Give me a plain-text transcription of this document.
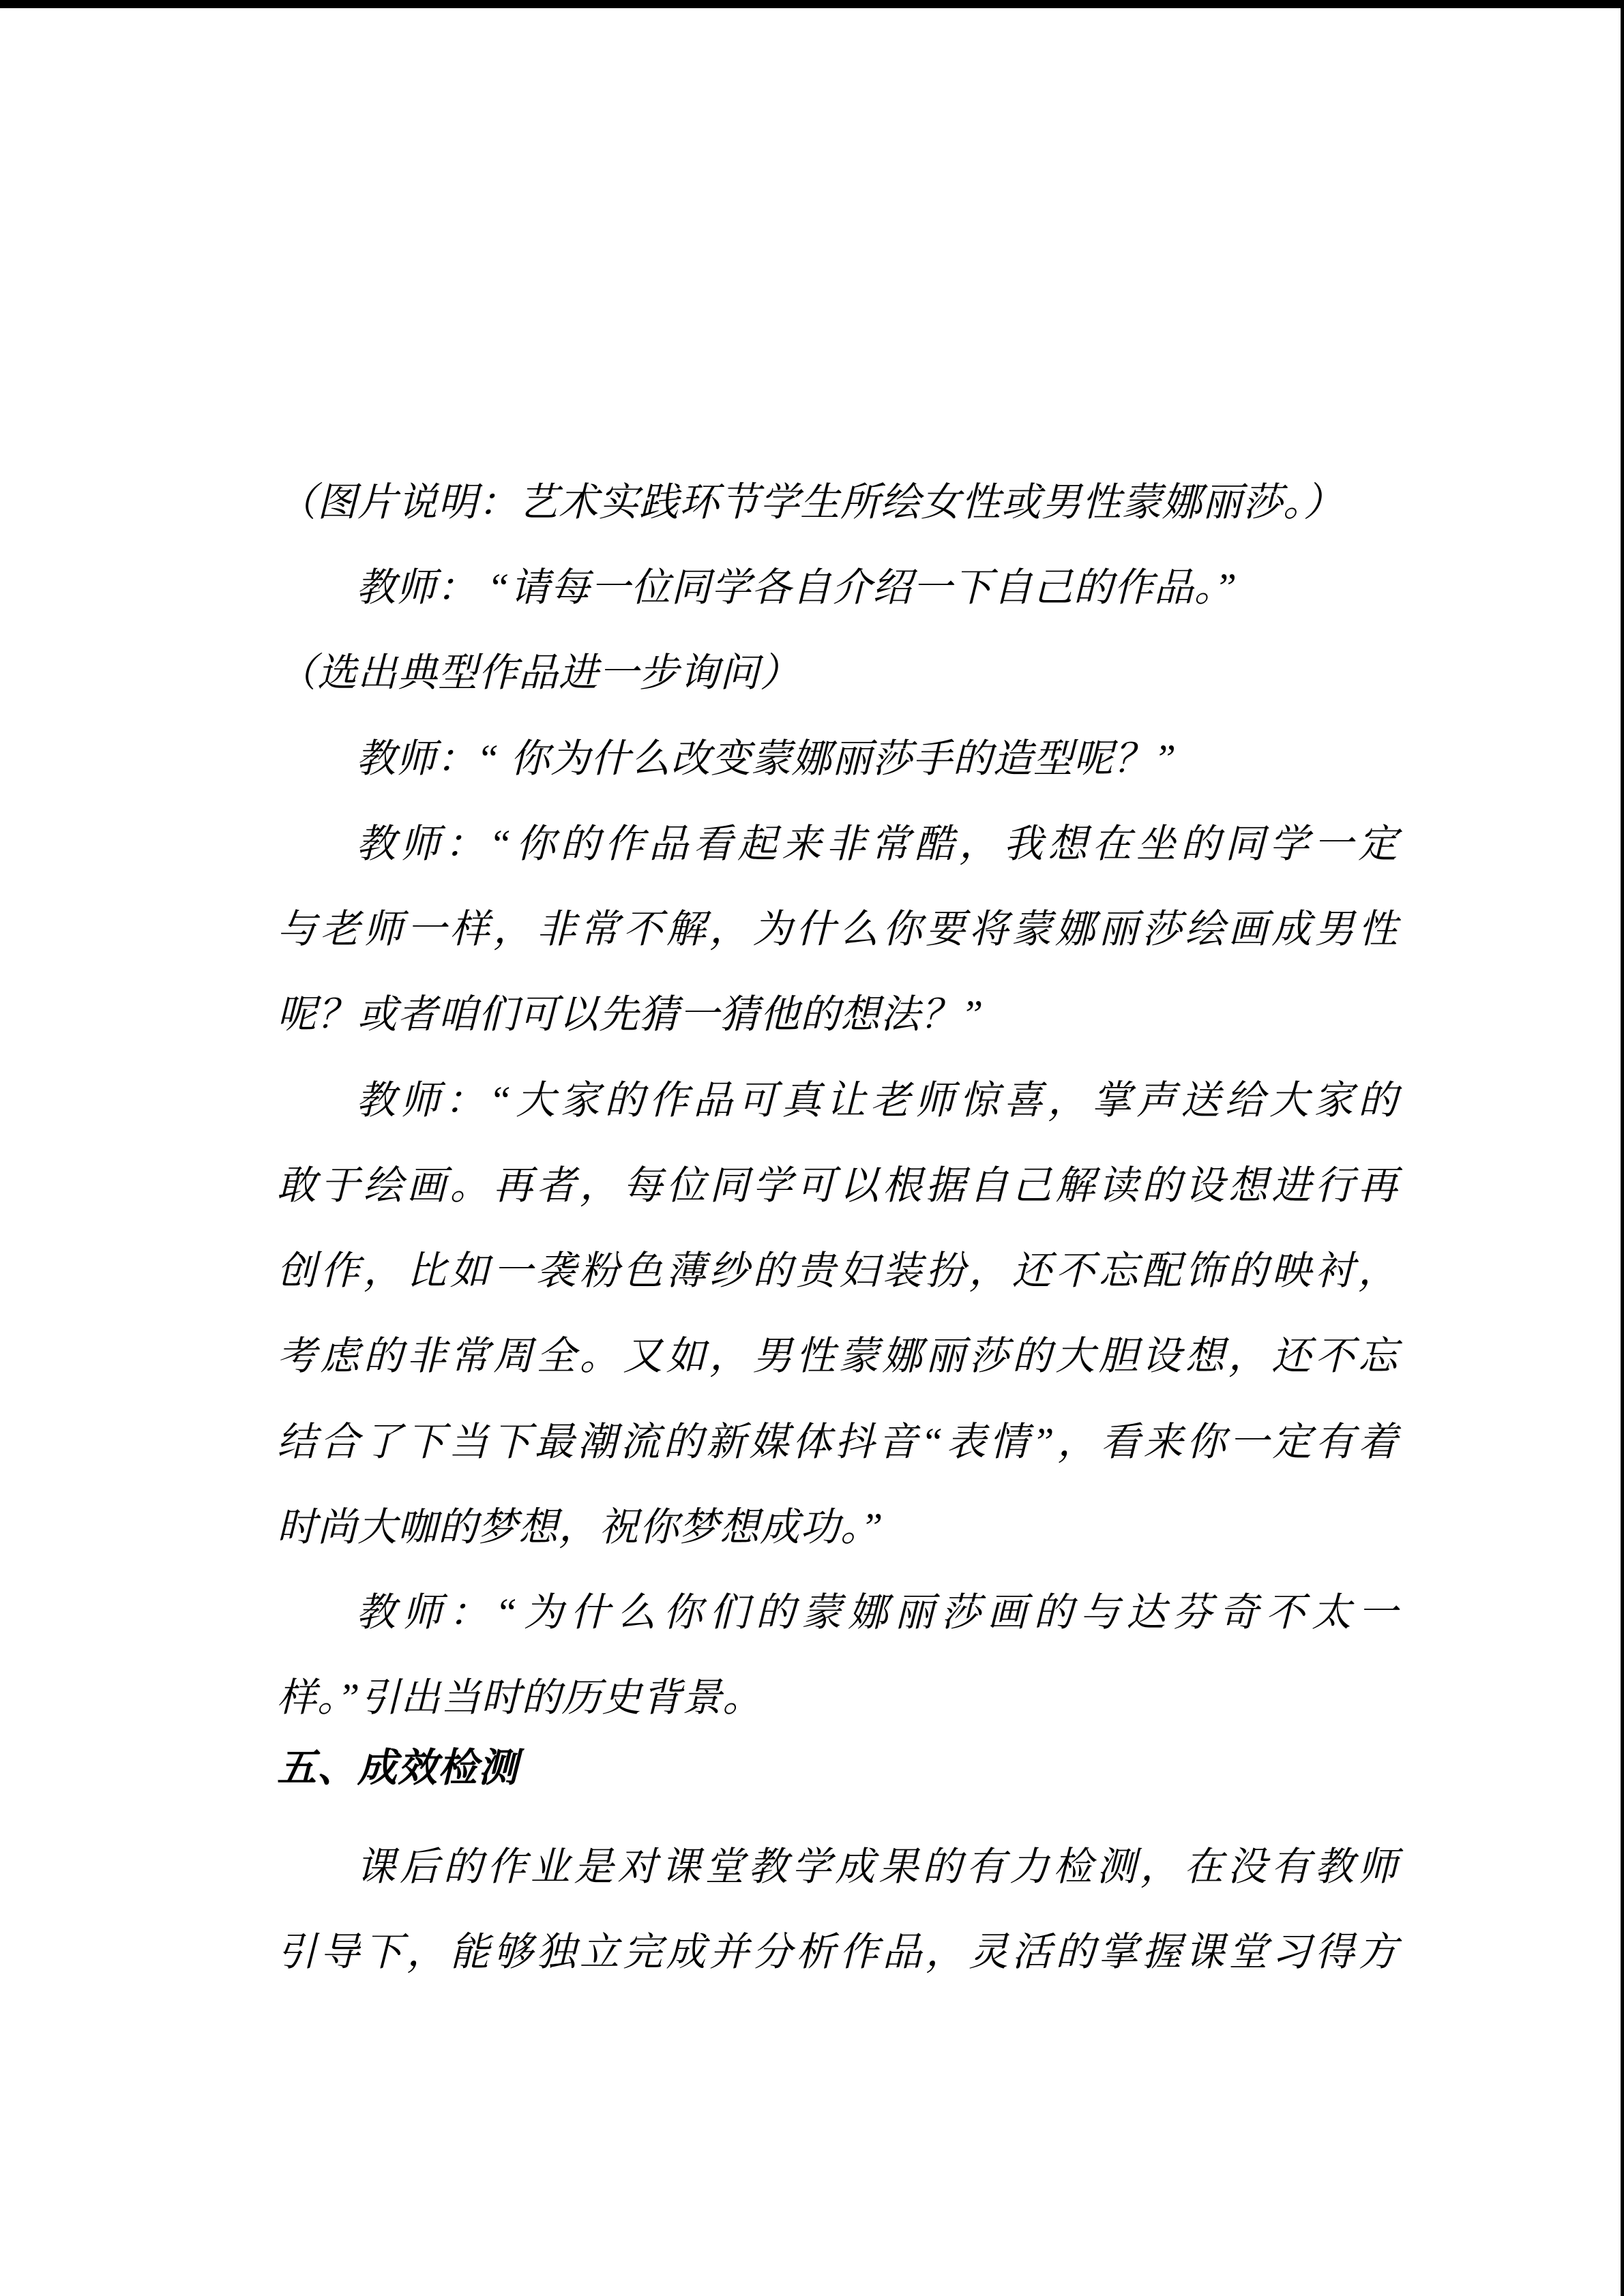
（图片说明：艺术实践环节学生所绘女性或男性蒙娜丽莎。）
教师： “请每一位同学各自介绍一下自己的作品。”
（选出典型作品进一步询问）
教师：“ 你为什么改变蒙娜丽莎手的造型呢？”
教师：“你的作品看起来非常酷，我想在坐的同学一定
与老师一样，非常不解，为什么你要将蒙娜丽莎绘画成男性
呢？或者咱们可以先猜一猜他的想法？”
教师：“大家的作品可真让老师惊喜，掌声送给大家的
敢于绘画。再者，每位同学可以根据自己解读的设想进行再
创作，比如一袭粉色薄纱的贵妇装扮，还不忘配饰的映衬，
考虑的非常周全。又如，男性蒙娜丽莎的大胆设想，还不忘
结合了下当下最潮流的新媒体抖音“表情”，看来你一定有着
时尚大咖的梦想，祝你梦想成功。”
教师：“为什么你们的蒙娜丽莎画的与达芬奇不太一
样。”引出当时的历史背景。
五、成效检测
课后的作业是对课堂教学成果的有力检测，在没有教师
引导下，能够独立完成并分析作品，灵活的掌握课堂习得方
